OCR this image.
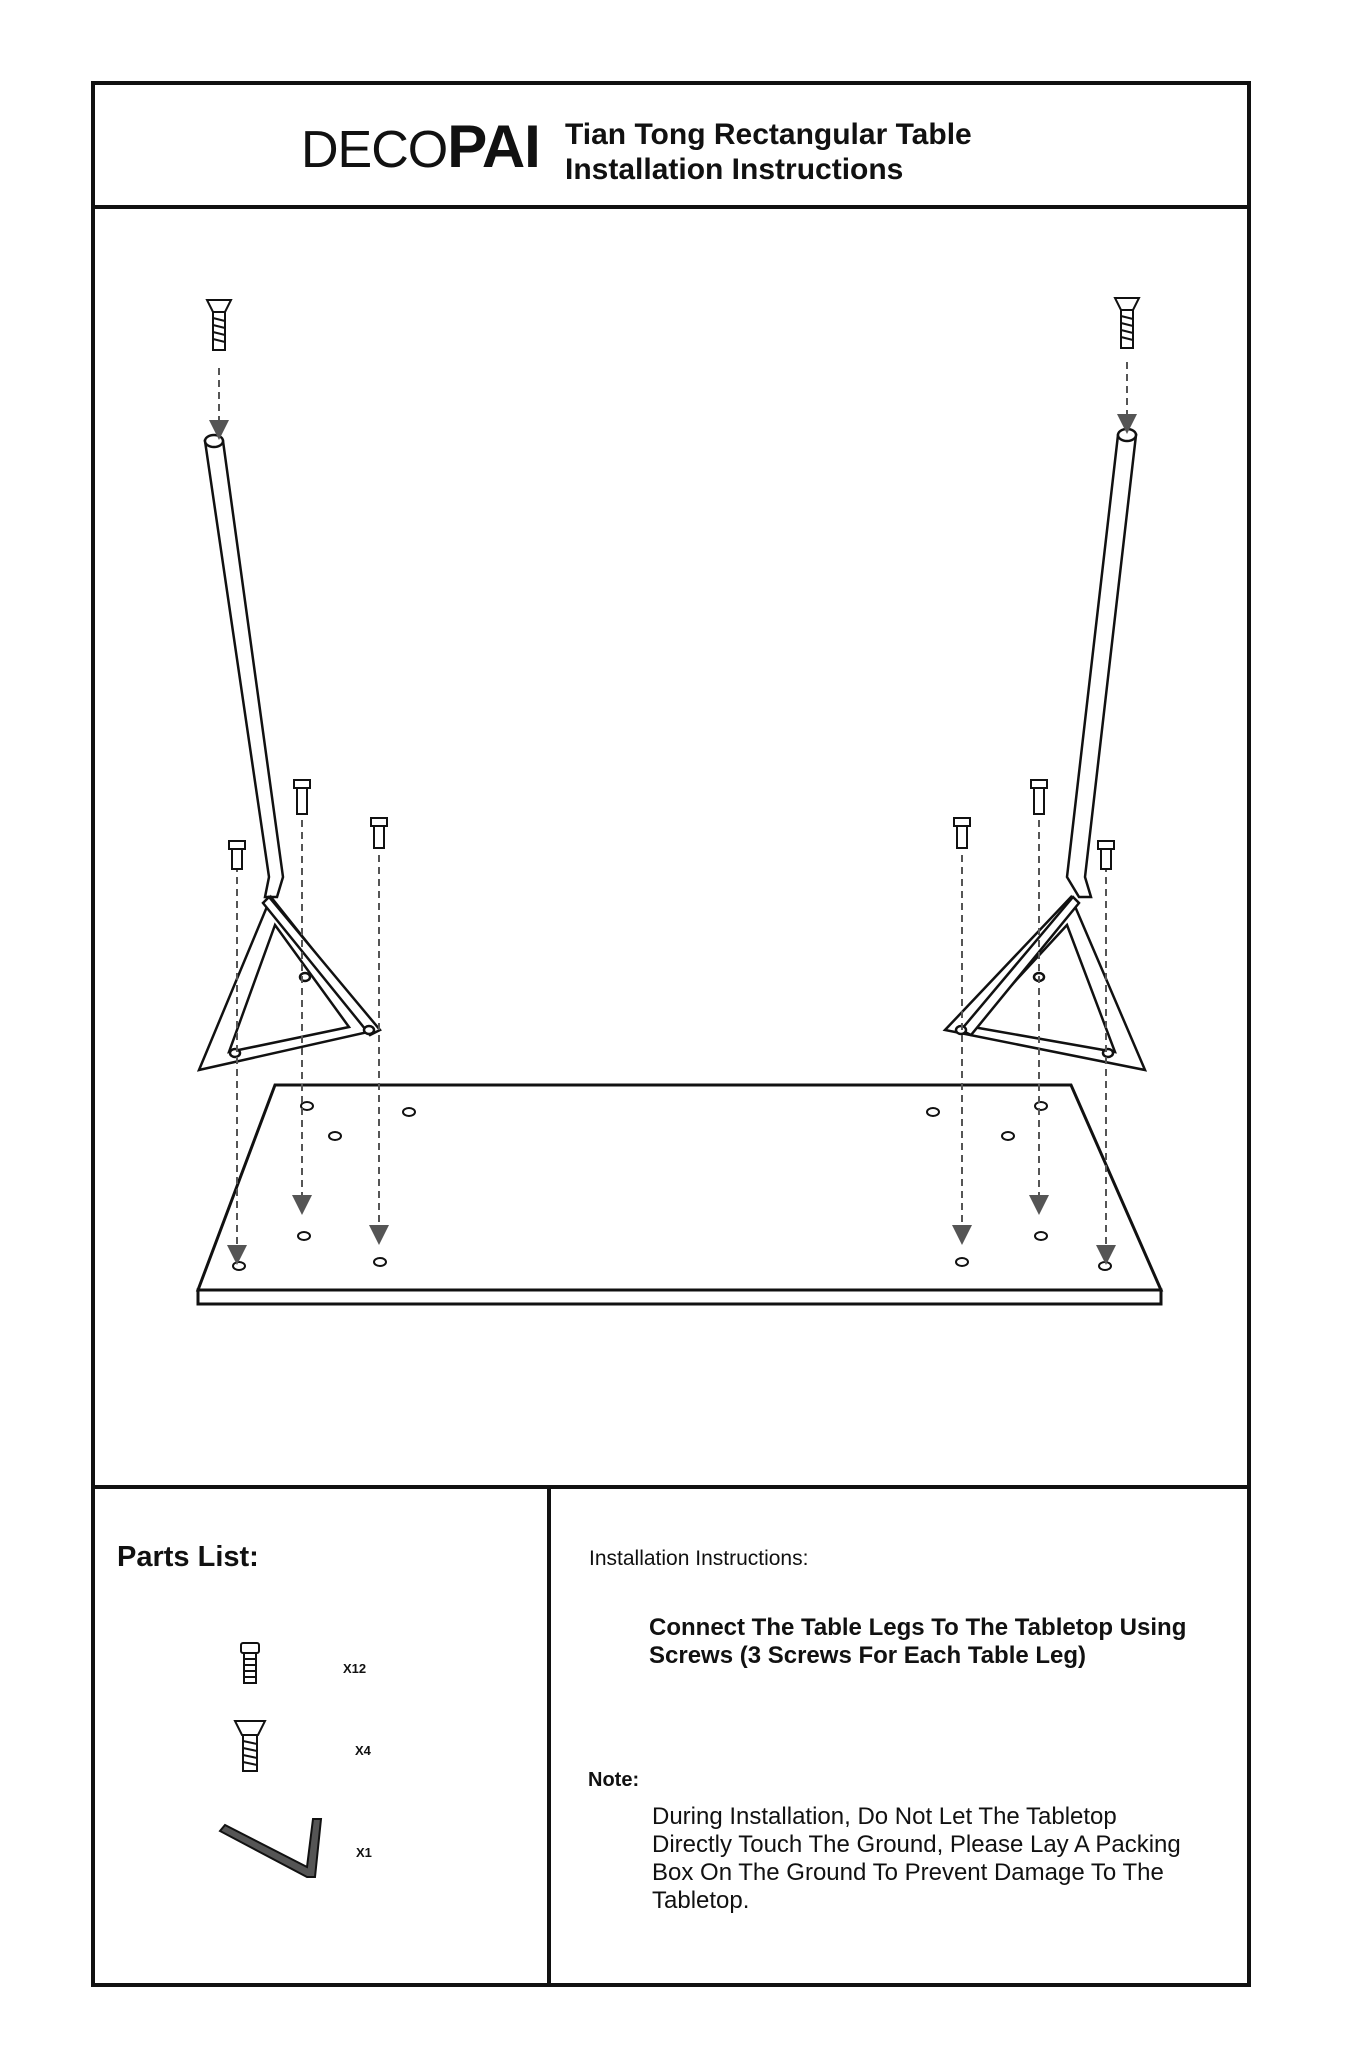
DECOPAI Tian Tong Rectangular Table
Installation Instructions
Parts List:
X12
X4
X1
Installation Instructions:
Connect The Table Legs To The Tabletop Using Screws (3 Screws For Each Table Leg)
Note:
During Installation, Do Not Let The Tabletop Directly Touch The Ground, Please Lay A Packing Box On The Ground To Prevent Damage To The Tabletop.
